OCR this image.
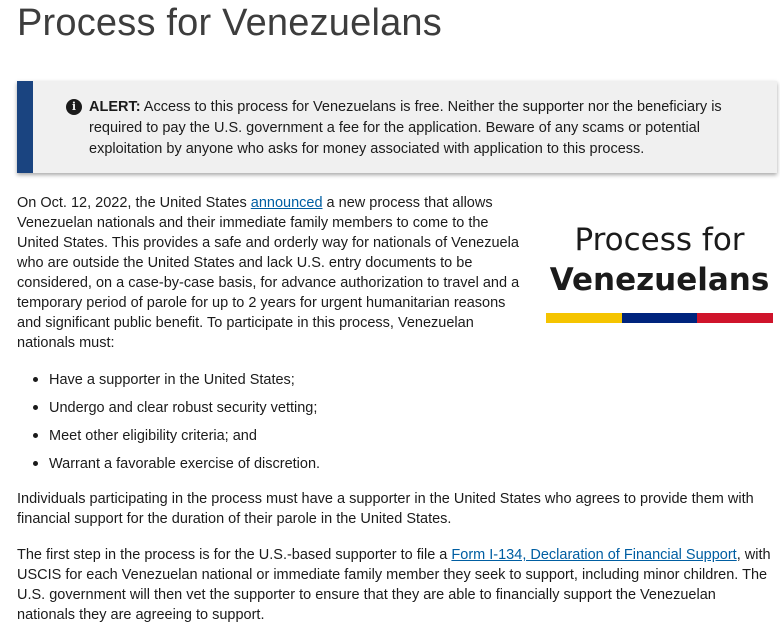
Process for Venezuelans
i ALERT: Access to this process for Venezuelans is free. Neither the supporter nor the beneficiary is required to pay the U.S. government a fee for the application. Beware of any scams or potential exploitation by anyone who asks for money associated with application to this process.

On Oct. 12, 2022, the United States announced a new process that allows Venezuelan nationals and their immediate family members to come to the United States. This provides a safe and orderly way for nationals of Venezuela who are outside the United States and lack U.S. entry documents to be considered, on a case-by-case basis, for advance authorization to travel and a temporary period of parole for up to 2 years for urgent humanitarian reasons and significant public benefit. To participate in this process, Venezuelan nationals must:

Process for
Venezuelans
Have a supporter in the United States;
Undergo and clear robust security vetting;
Meet other eligibility criteria; and
Warrant a favorable exercise of discretion.

Individuals participating in the process must have a supporter in the United States who agrees to provide them with financial support for the duration of their parole in the United States.

The first step in the process is for the U.S.-based supporter to file a Form I-134, Declaration of Financial Support, with USCIS for each Venezuelan national or immediate family member they seek to support, including minor children. The U.S. government will then vet the supporter to ensure that they are able to financially support the Venezuelan nationals they are agreeing to support.
